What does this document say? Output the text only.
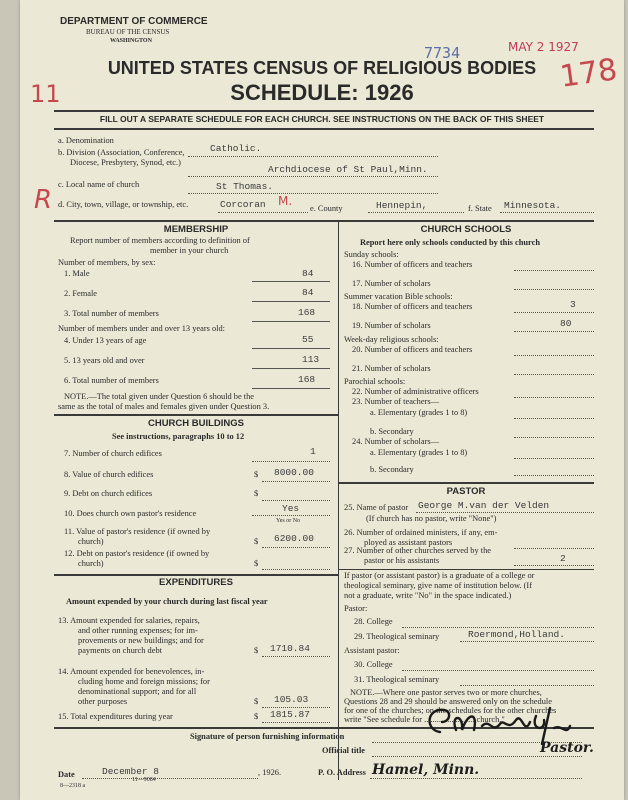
DEPARTMENT OF COMMERCE
BUREAU OF THE CENSUS
WASHINGTON
7734	MAY 2 1927
11	178
UNITED STATES CENSUS OF RELIGIOUS BODIES
SCHEDULE: 1926
FILL OUT A SEPARATE SCHEDULE FOR EACH CHURCH. SEE INSTRUCTIONS ON THE BACK OF THIS SHEET
a. Denomination
Catholic.
b. Division (Association, Conference,
Diocese, Presbytery, Synod, etc.)
Archdiocese of St Paul,Minn.
c. Local name of church	St Thomas.
R d. City, town, village, or township, etc.	Corcoran M.
e. County	Hennepin,	f. State Minnesota.
MEMBERSHIP
Report number of members according to definition of
member in your church
Number of members, by sex:
1. Male	84
2. Female	84
3. Total number of members	168
Number of members under and over 13 years old:
4. Under 13 years of age	55
5. 13 years old and over	113
6. Total number of members	168
NOTE.—The total given under Question 6 should be the
same as the total of males and females given under Question 3.
CHURCH BUILDINGS
See instructions, paragraphs 10 to 12
7. Number of church edifices	1
8. Value of church edifices	$ 8000.00
9. Debt on church edifices	$
10. Does church own pastor's residence	Yes
Yes or No
11. Value of pastor's residence (if owned by
church)	$ 6200.00
12. Debt on pastor's residence (if owned by
church)	$
EXPENDITURES
Amount expended by your church during last fiscal year
13. Amount expended for salaries, repairs,
and other running expenses; for im-
provements or new buildings; and for
payments on church debt	$ 1710.84
14. Amount expended for benevolences, in-
cluding home and foreign missions; for
denominational support; and for all
other purposes	$ 105.03
15. Total expenditures during year	$ 1815.87
CHURCH SCHOOLS
Report here only schools conducted by this church
Sunday schools:
16. Number of officers and teachers
17. Number of scholars
Summer vacation Bible schools:
18. Number of officers and teachers	3
19. Number of scholars	80
Week-day religious schools:
20. Number of officers and teachers
21. Number of scholars
Parochial schools:
22. Number of administrative officers
23. Number of teachers—
a. Elementary (grades 1 to 8)
b. Secondary
24. Number of scholars—
a. Elementary (grades 1 to 8)
b. Secondary
PASTOR
25. Name of pastor George M.van der Velden
(If church has no pastor, write "None")
26. Number of ordained ministers, if any, em-
ployed as assistant pastors
27. Number of other churches served by the
pastor or his assistants	2
If pastor (or assistant pastor) is a graduate of a college or
theological seminary, give name of institution below. (If
not a graduate, write "No" in the space indicated.)
Pastor:
28. College
29. Theological seminary	Roermond,Holland.
Assistant pastor:
30. College
31. Theological seminary
NOTE.—Where one pastor serves two or more churches,
Questions 28 and 29 should be answered only on the schedule
for one of the churches; on the schedules for the other churches
write "See schedule for ........................ church."
Signature of person furnishing information
Official title	Pastor.
Date	December 8	, 1926.	P. O. Address Hamel, Minn.
8—2318 a
11—9084
